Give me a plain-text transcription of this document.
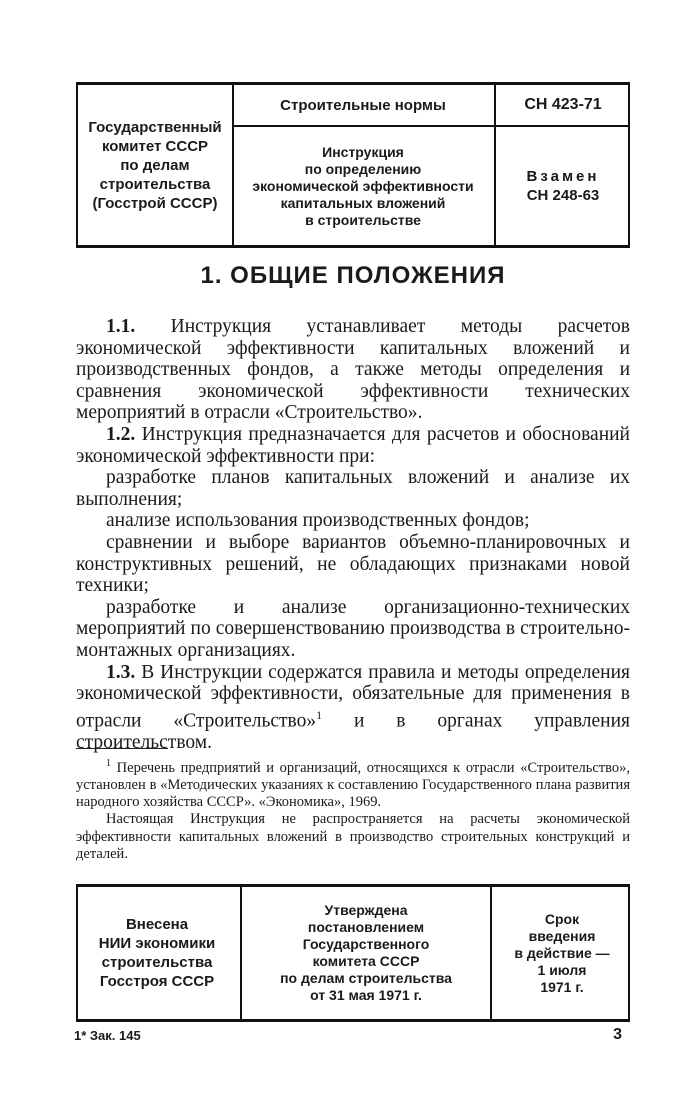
Государственный
комитет СССР
по делам
строительства
(Госстрой СССР)
Строительные нормы	СН 423-71
Инструкция
по определению
экономической эффективности
капитальных вложений
в строительстве
Взамен
СН 248-63
1. ОБЩИЕ ПОЛОЖЕНИЯ

1.1. Инструкция устанавливает методы расчетов экономической эффективности капитальных вложений и производственных фондов, а также методы определения и сравнения экономической эффективности технических мероприятий в отрасли «Строительство».

1.2. Инструкция предназначается для расчетов и обоснований экономической эффективности при:

разработке планов капитальных вложений и анализе их выполнения;

анализе использования производственных фондов;

сравнении и выборе вариантов объемно-планировочных и конструктивных решений, не обладающих признаками новой техники;

разработке и анализе организационно-технических мероприятий по совершенствованию производства в строительно-монтажных организациях.

1.3. В Инструкции содержатся правила и методы определения экономической эффективности, обязательные для применения в отрасли «Строительство»$^1$ и в органах управления строительством.

$^1$ Перечень предприятий и организаций, относящихся к отрасли «Строительство», установлен в «Методических указаниях к составлению Государственного плана развития народного хозяйства СССР». «Экономика», 1969.

Настоящая Инструкция не распространяется на расчеты экономической эффективности капитальных вложений в производство строительных конструкций и деталей.

Внесена
НИИ экономики
строительства
Госстроя СССР
Утверждена
постановлением
Государственного
комитета СССР
по делам строительства
от 31 мая 1971 г.
Срок
введения
в действие —
1 июля
1971 г.
1* Зак. 145	3
